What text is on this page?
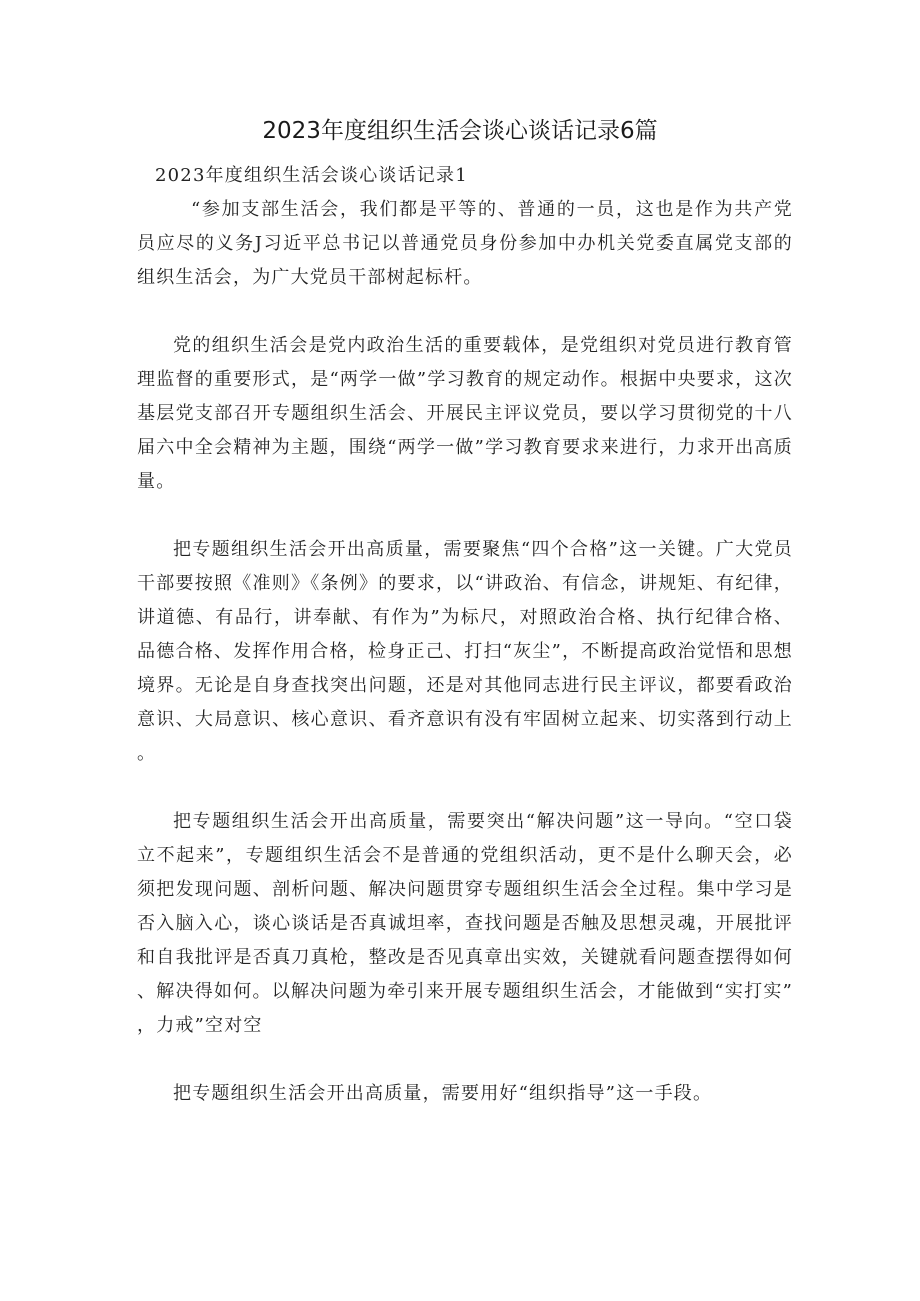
2023年度组织生活会谈心谈话记录6篇

2023年度组织生活会谈心谈话记录1

“参加支部生活会，我们都是平等的、普通的一员，这也是作为共产党员应尽的义务J习近平总书记以普通党员身份参加中办机关党委直属党支部的组织生活会，为广大党员干部树起标杆。

党的组织生活会是党内政治生活的重要载体，是党组织对党员进行教育管理监督的重要形式，是“两学一做”学习教育的规定动作。根据中央要求，这次基层党支部召开专题组织生活会、开展民主评议党员，要以学习贯彻党的十八届六中全会精神为主题，围绕“两学一做”学习教育要求来进行，力求开出高质量。

把专题组织生活会开出高质量，需要聚焦“四个合格”这一关键。广大党员干部要按照《准则》《条例》的要求，以“讲政治、有信念，讲规矩、有纪律，讲道德、有品行，讲奉献、有作为”为标尺，对照政治合格、执行纪律合格、品德合格、发挥作用合格，检身正己、打扫“灰尘”，不断提高政治觉悟和思想境界。无论是自身查找突出问题，还是对其他同志进行民主评议，都要看政治意识、大局意识、核心意识、看齐意识有没有牢固树立起来、切实落到行动上。

把专题组织生活会开出高质量，需要突出“解决问题”这一导向。“空口袋立不起来”，专题组织生活会不是普通的党组织活动，更不是什么聊天会，必须把发现问题、剖析问题、解决问题贯穿专题组织生活会全过程。集中学习是否入脑入心，谈心谈话是否真诚坦率，查找问题是否触及思想灵魂，开展批评和自我批评是否真刀真枪，整改是否见真章出实效，关键就看问题查摆得如何、解决得如何。以解决问题为牵引来开展专题组织生活会，才能做到“实打实”，力戒”空对空

把专题组织生活会开出高质量，需要用好“组织指导”这一手段。
